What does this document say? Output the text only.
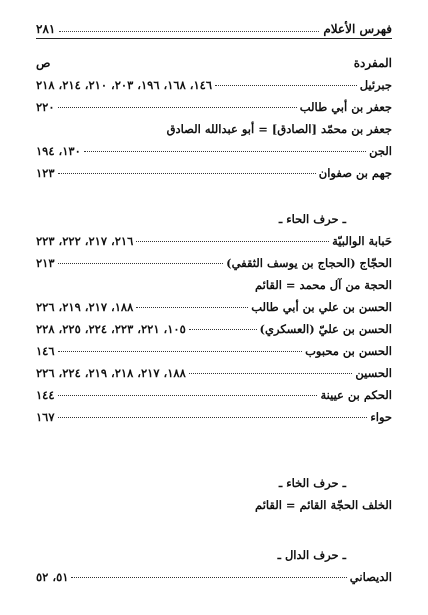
فهرس الأعلام
٢٨١
المفردة
ص
جبرئيل
١٤٦، ١٦٨، ١٩٦، ٢٠٣، ٢١٠، ٢١٤، ٢١٨
جعفر بن أبي طالب
٢٢٠
جعفر بن محمّد [الصادق] = أبو عبدالله الصادق
الجن
١٣٠، ١٩٤
جهم بن صفوان
١٢٣
ـ حرف الحاء ـ
حَبابة الوالبيّة
٢١٦، ٢١٧، ٢٢٢، ٢٢٣
الحجّاج (الحجاج بن يوسف الثقفي)
٢١٣
الحجة من آل محمد = القائم
الحسن بن علي بن أبي طالب
١٨٨، ٢١٧، ٢١٩، ٢٢٦
الحسن بن عليّ (العسكري)
١٠٥، ٢٢١، ٢٢٣، ٢٢٤، ٢٢٥، ٢٢٨
الحسن بن محبوب
١٤٦
الحسين
١٨٨، ٢١٧، ٢١٨، ٢١٩، ٢٢٤، ٢٢٦
الحكم بن عيينة
١٤٤
حواء
١٦٧
ـ حرف الخاء ـ
الخلف الحجّة القائم = القائم
ـ حرف الدال ـ
الديصاني
٥١، ٥٢
